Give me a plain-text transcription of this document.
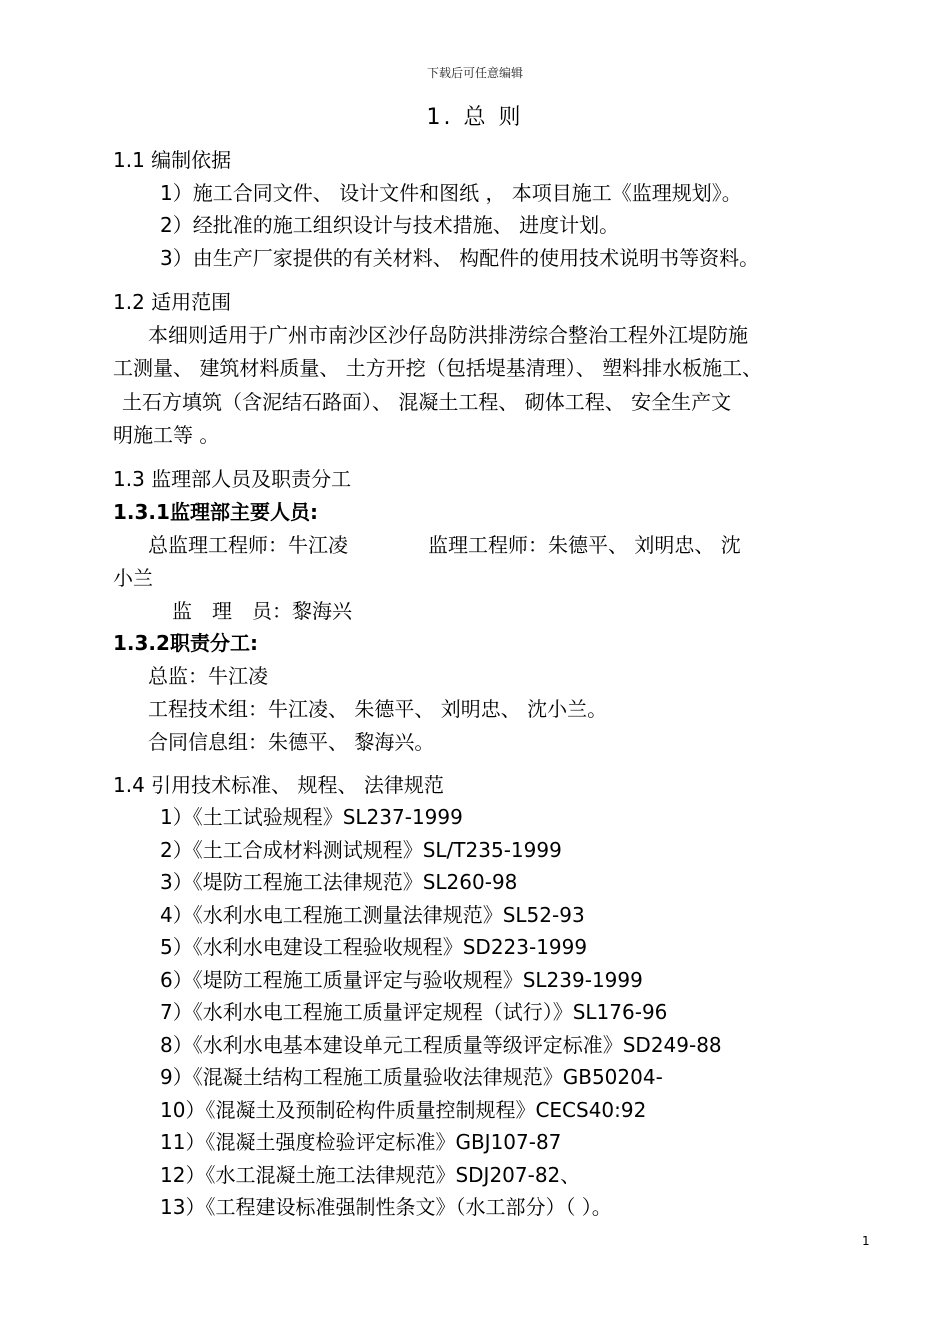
下载后可任意编辑
1. 总 则
1.1 编制依据
1）施工合同文件、 设计文件和图纸 ， 本项目施工《监理规划》。
2）经批准的施工组织设计与技术措施、 进度计划。
3）由生产厂家提供的有关材料、 构配件的使用技术说明书等资料。
1.2 适用范围
本细则适用于广州市南沙区沙仔岛防洪排涝综合整治工程外江堤防施
工测量、 建筑材料质量、 土方开挖（包括堤基清理）、 塑料排水板施工、
土石方填筑（含泥结石路面）、 混凝土工程、 砌体工程、 安全生产文
明施工等 。
1.3 监理部人员及职责分工
1.3.1监理部主要人员:
总监理工程师：牛江凌　　　　监理工程师：朱德平、 刘明忠、 沈
小兰
监　理　员：黎海兴
1.3.2职责分工:
总监：牛江凌
工程技术组：牛江凌、 朱德平、 刘明忠、 沈小兰。
合同信息组：朱德平、 黎海兴。
1.4 引用技术标准、 规程、 法律规范
1）《土工试验规程》SL237-1999
2）《土工合成材料测试规程》SL/T235-1999
3）《堤防工程施工法律规范》SL260-98
4）《水利水电工程施工测量法律规范》SL52-93
5）《水利水电建设工程验收规程》SD223-1999
6）《堤防工程施工质量评定与验收规程》SL239-1999
7）《水利水电工程施工质量评定规程（试行）》SL176-96
8）《水利水电基本建设单元工程质量等级评定标准》SD249-88
9）《混凝土结构工程施工质量验收法律规范》GB50204-
10）《混凝土及预制砼构件质量控制规程》CECS40:92
11）《混凝土强度检验评定标准》GBJ107-87
12）《水工混凝土施工法律规范》SDJ207-82、
13）《工程建设标准强制性条文》（水工部分）（ ）。
1
